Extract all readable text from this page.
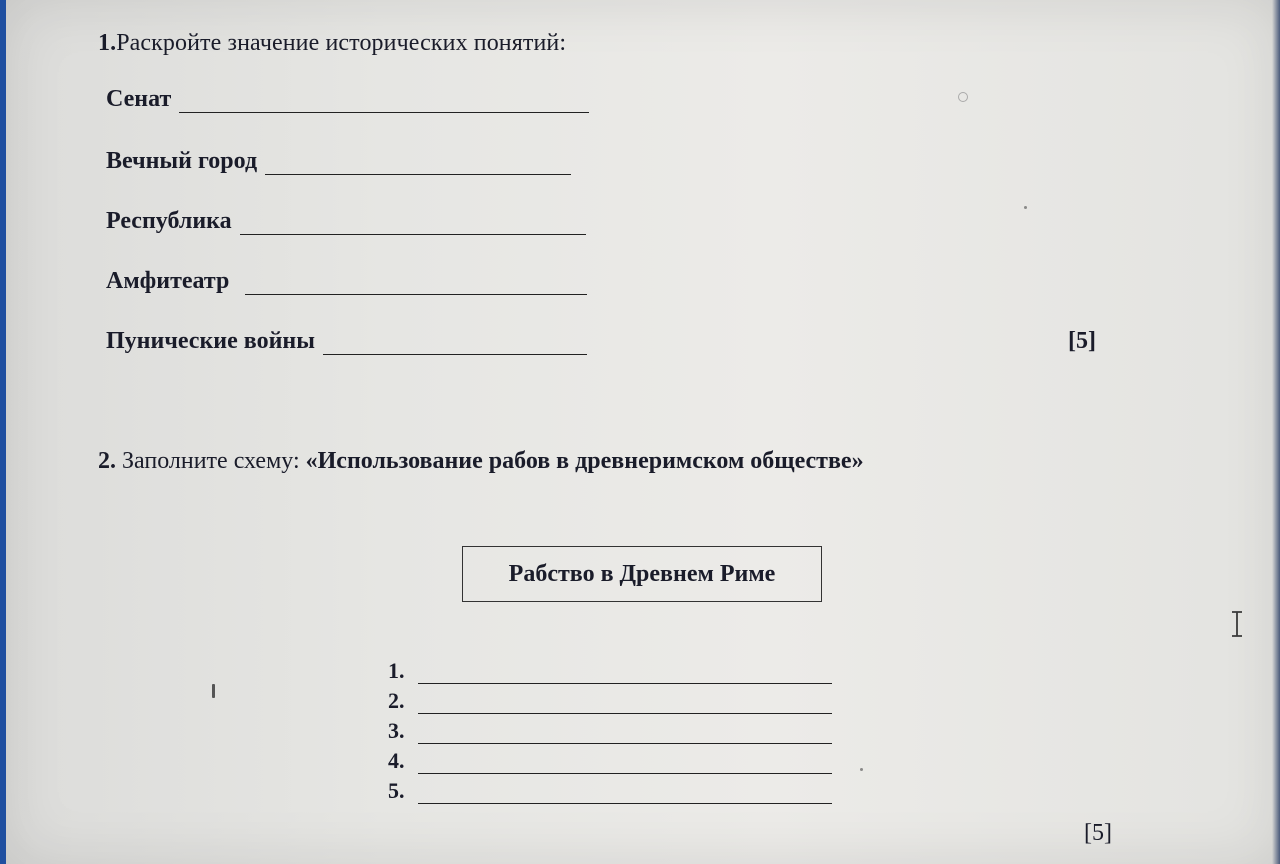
1.Раскройте значение исторических понятий:
Сенат
Вечный город
Республика
Амфитеатр
Пунические войны	[5]
2. Заполните схему: «Использование рабов в древнеримском обществе»
Рабство в Древнем Риме
1.
2.
3.
4.
5.
[5]
